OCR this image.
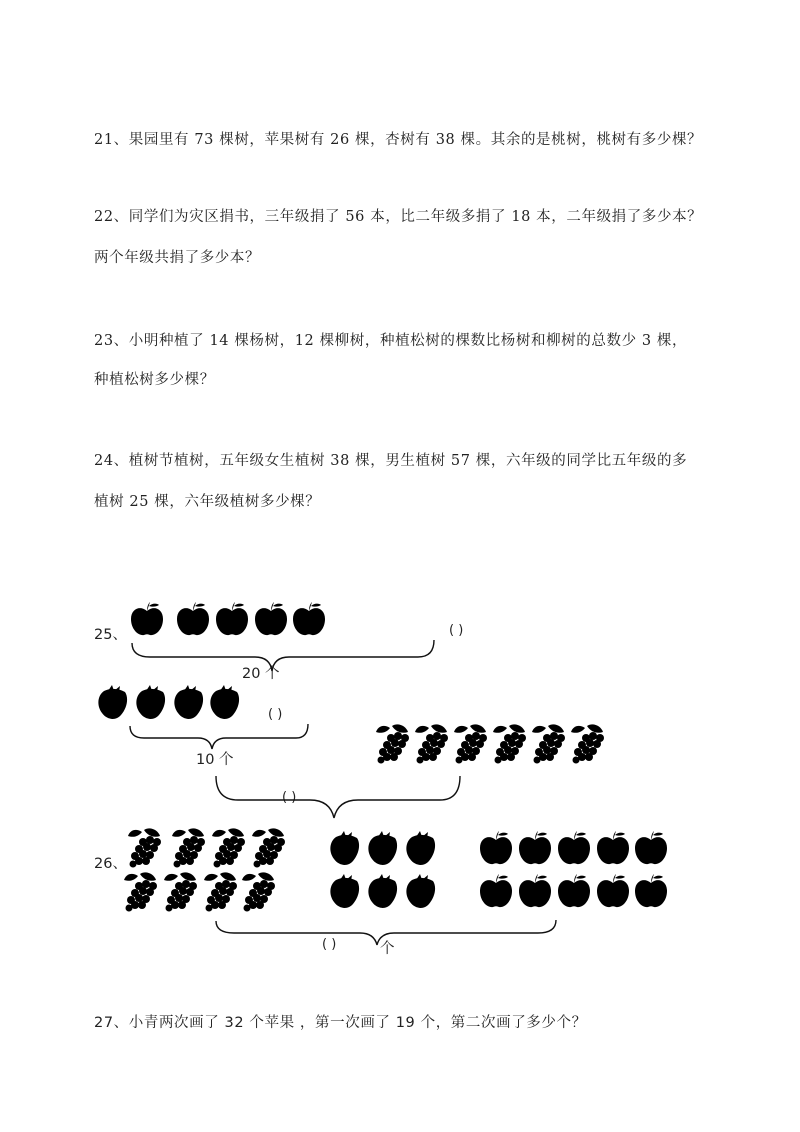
21、果园里有 73 棵树，苹果树有 26 棵，杏树有 38 棵。其余的是桃树，桃树有多少棵？
22、同学们为灾区捐书，三年级捐了 56 本，比二年级多捐了 18 本，二年级捐了多少本？
两个年级共捐了多少本？
23、小明种植了 14 棵杨树，12 棵柳树，种植松树的棵数比杨树和柳树的总数少 3 棵，
种植松树多少棵？
24、植树节植树，五年级女生植树 38 棵，男生植树 57 棵，六年级的同学比五年级的多
植树 25 棵，六年级植树多少棵？
25、	( )
20 个
( )
10 个
( )
26、
( )	个
27、小青两次画了 32 个苹果 ，第一次画了 19 个，第二次画了多少个？
